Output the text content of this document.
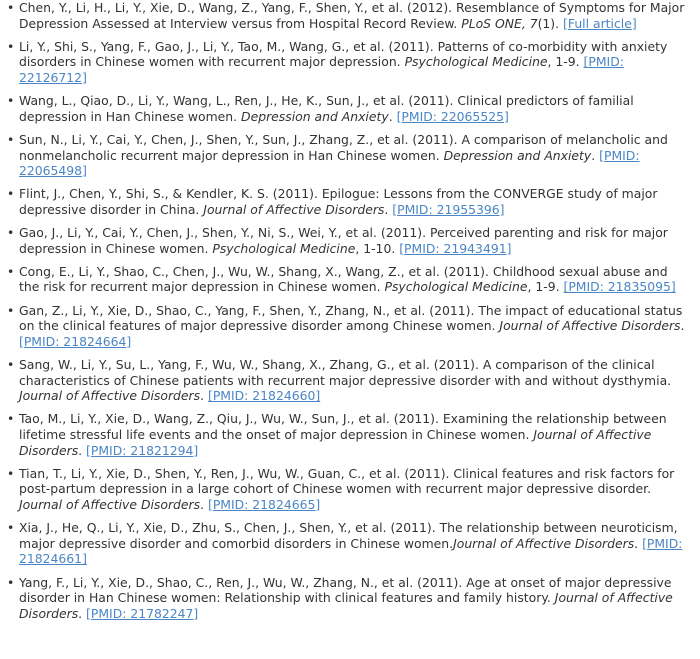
• Chen, Y., Li, H., Li, Y., Xie, D., Wang, Z., Yang, F., Shen, Y., et al. (2012). Resemblance of Symptoms for Major Depression Assessed at Interview versus from Hospital Record Review. PLoS ONE, 7(1). [Full article]
• Li, Y., Shi, S., Yang, F., Gao, J., Li, Y., Tao, M., Wang, G., et al. (2011). Patterns of co-morbidity with anxiety disorders in Chinese women with recurrent major depression. Psychological Medicine, 1-9. [PMID: 22126712]
• Wang, L., Qiao, D., Li, Y., Wang, L., Ren, J., He, K., Sun, J., et al. (2011). Clinical predictors of familial depression in Han Chinese women. Depression and Anxiety. [PMID: 22065525]
• Sun, N., Li, Y., Cai, Y., Chen, J., Shen, Y., Sun, J., Zhang, Z., et al. (2011). A comparison of melancholic and nonmelancholic recurrent major depression in Han Chinese women. Depression and Anxiety. [PMID: 22065498]
• Flint, J., Chen, Y., Shi, S., & Kendler, K. S. (2011). Epilogue: Lessons from the CONVERGE study of major depressive disorder in China. Journal of Affective Disorders. [PMID: 21955396]
• Gao, J., Li, Y., Cai, Y., Chen, J., Shen, Y., Ni, S., Wei, Y., et al. (2011). Perceived parenting and risk for major depression in Chinese women. Psychological Medicine, 1-10. [PMID: 21943491]
• Cong, E., Li, Y., Shao, C., Chen, J., Wu, W., Shang, X., Wang, Z., et al. (2011). Childhood sexual abuse and the risk for recurrent major depression in Chinese women. Psychological Medicine, 1-9. [PMID: 21835095]
• Gan, Z., Li, Y., Xie, D., Shao, C., Yang, F., Shen, Y., Zhang, N., et al. (2011). The impact of educational status on the clinical features of major depressive disorder among Chinese women. Journal of Affective Disorders. [PMID: 21824664]
• Sang, W., Li, Y., Su, L., Yang, F., Wu, W., Shang, X., Zhang, G., et al. (2011). A comparison of the clinical characteristics of Chinese patients with recurrent major depressive disorder with and without dysthymia. Journal of Affective Disorders. [PMID: 21824660]
• Tao, M., Li, Y., Xie, D., Wang, Z., Qiu, J., Wu, W., Sun, J., et al. (2011). Examining the relationship between lifetime stressful life events and the onset of major depression in Chinese women. Journal of Affective Disorders. [PMID: 21821294]
• Tian, T., Li, Y., Xie, D., Shen, Y., Ren, J., Wu, W., Guan, C., et al. (2011). Clinical features and risk factors for post-partum depression in a large cohort of Chinese women with recurrent major depressive disorder. Journal of Affective Disorders. [PMID: 21824665]
• Xia, J., He, Q., Li, Y., Xie, D., Zhu, S., Chen, J., Shen, Y., et al. (2011). The relationship between neuroticism, major depressive disorder and comorbid disorders in Chinese women.Journal of Affective Disorders. [PMID: 21824661]
• Yang, F., Li, Y., Xie, D., Shao, C., Ren, J., Wu, W., Zhang, N., et al. (2011). Age at onset of major depressive disorder in Han Chinese women: Relationship with clinical features and family history. Journal of Affective Disorders. [PMID: 21782247]
